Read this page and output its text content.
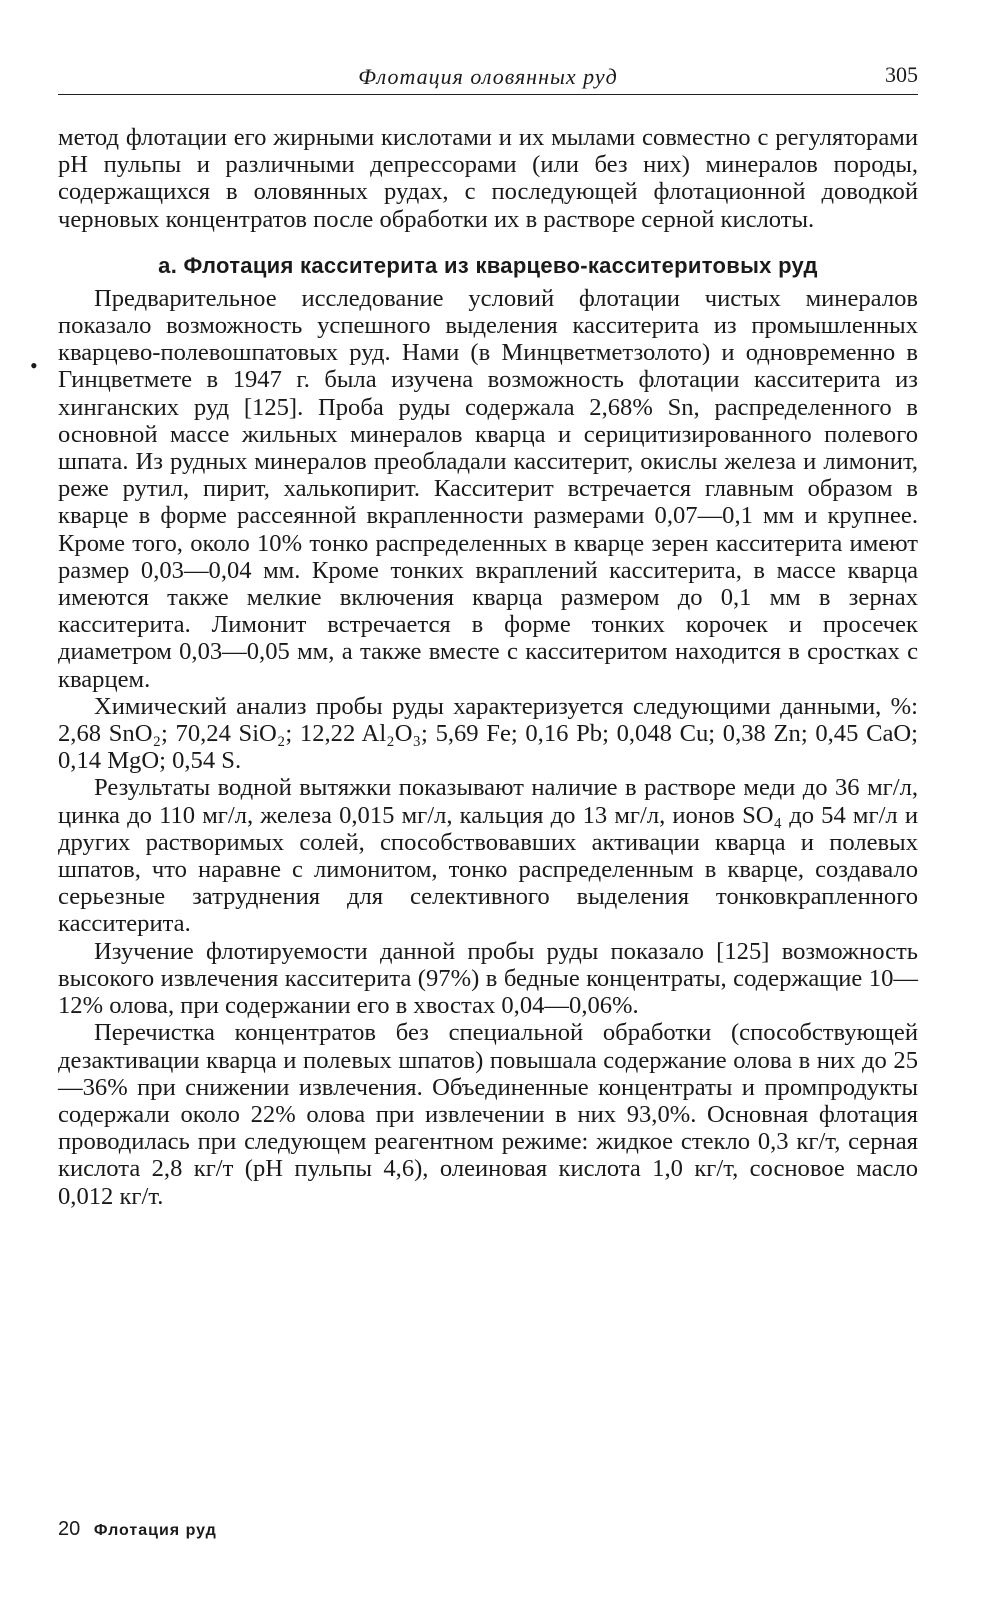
Флотация оловянных руд	305
•

метод флотации его жирными кислотами и их мылами совместно с регуляторами pH пульпы и различными депрессорами (или без них) минералов породы, содержащихся в оловянных рудах, с последующей флотационной доводкой черновых концентратов после обработки их в растворе серной кислоты.

а. Флотация касситерита из кварцево-касситеритовых руд

Предварительное исследование условий флотации чистых минералов показало возможность успешного выделения касситерита из промышленных кварцево-полевошпатовых руд. Нами (в Минцветметзолото) и одновременно в Гинцветмете в 1947 г. была изучена возможность флотации касситерита из хинганских руд [125]. Проба руды содержала 2,68% Sn, распределенного в основной массе жильных минералов кварца и серицитизированного полевого шпата. Из рудных минералов преобладали касситерит, окислы железа и лимонит, реже рутил, пирит, халькопирит. Касситерит встречается главным образом в кварце в форме рассеянной вкрапленности размерами 0,07—0,1 мм и крупнее. Кроме того, около 10% тонко распределенных в кварце зерен касситерита имеют размер 0,03—0,04 мм. Кроме тонких вкраплений касситерита, в массе кварца имеются также мелкие включения кварца размером до 0,1 мм в зернах касситерита. Лимонит встречается в форме тонких корочек и просечек диаметром 0,03—0,05 мм, а также вместе с касситеритом находится в сростках с кварцем.

Химический анализ пробы руды характеризуется следующими данными, %: 2,68 SnO₂; 70,24 SiO₂; 12,22 Al₂O₃; 5,69 Fe; 0,16 Pb; 0,048 Cu; 0,38 Zn; 0,45 CaO; 0,14 MgO; 0,54 S.

Результаты водной вытяжки показывают наличие в растворе меди до 36 мг/л, цинка до 110 мг/л, железа 0,015 мг/л, кальция до 13 мг/л, ионов SO₄ до 54 мг/л и других растворимых солей, способствовавших активации кварца и полевых шпатов, что наравне с лимонитом, тонко распределенным в кварце, создавало серьезные затруднения для селективного выделения тонковкрапленного касситерита.

Изучение флотируемости данной пробы руды показало [125] возможность высокого извлечения касситерита (97%) в бедные концентраты, содержащие 10—12% олова, при содержании его в хвостах 0,04—0,06%.

Перечистка концентратов без специальной обработки (способствующей дезактивации кварца и полевых шпатов) повышала содержание олова в них до 25—36% при снижении извлечения. Объединенные концентраты и промпродукты содержали около 22% олова при извлечении в них 93,0%. Основная флотация проводилась при следующем реагентном режиме: жидкое стекло 0,3 кг/т, серная кислота 2,8 кг/т (pH пульпы 4,6), олеиновая кислота 1,0 кг/т, сосновое масло 0,012 кг/т.

20 Флотация руд
